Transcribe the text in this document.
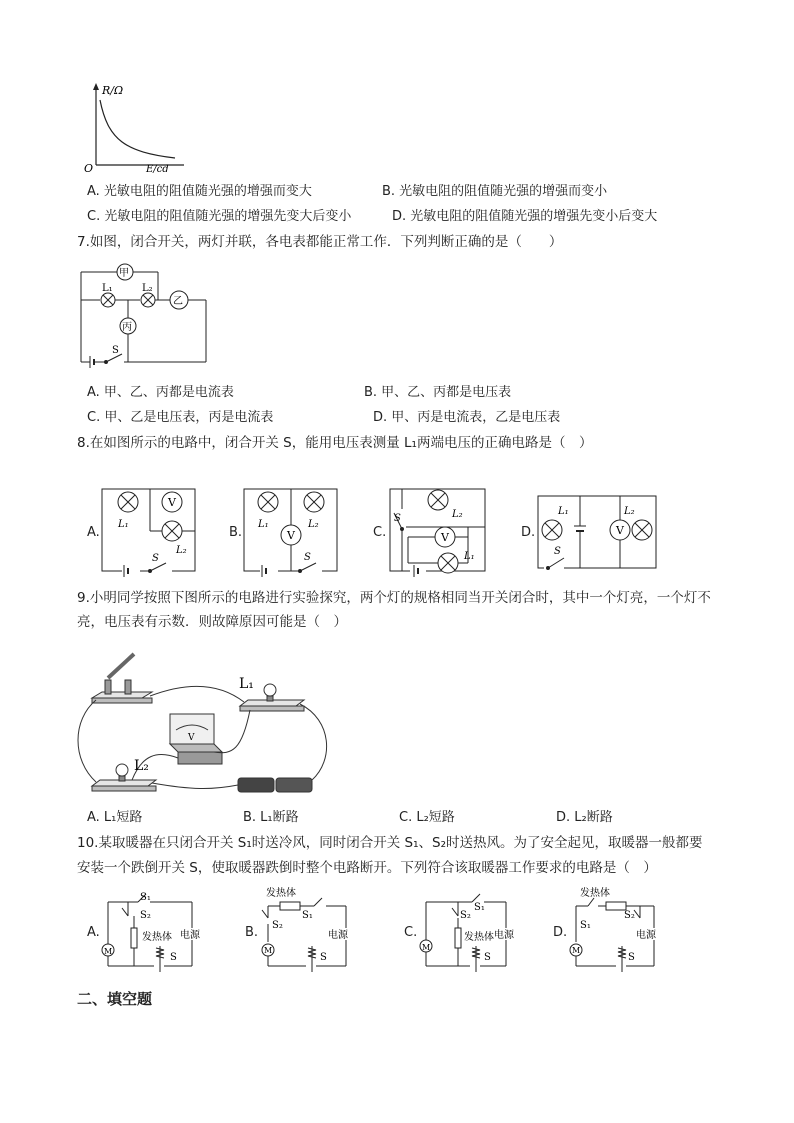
R/Ω
O	E/cd
A. 光敏电阻的阻值随光强的增强而变大	B. 光敏电阻的阻值随光强的增强而变小
C. 光敏电阻的阻值随光强的增强先变大后变小	D. 光敏电阻的阻值随光强的增强先变小后变大
7.如图，闭合开关，两灯并联，各电表都能正常工作．下列判断正确的是（　　）
甲
丙
乙
L₁	L₂
S
A. 甲、乙、丙都是电流表	B. 甲、乙、丙都是电压表
C. 甲、乙是电压表，丙是电流表	D. 甲、丙是电流表，乙是电压表
8.在如图所示的电路中，闭合开关 S，能用电压表测量 L₁两端电压的正确电路是（　）
A.
V
L₁
L₂
S
B.	V
L₁	L₂
S
C.	V
L₁
L₂
S
D.	V
L₁	L₂
S
9.小明同学按照下图所示的电路进行实验探究，两个灯的规格相同当开关闭合时，其中一个灯亮，一个灯不
亮，电压表有示数．则故障原因可能是（　）
L₁
L₂
V
A. L₁短路	B. L₁断路	C. L₂短路	D. L₂断路
10.某取暖器在只闭合开关 S₁时送冷风，同时闭合开关 S₁、S₂时送热风。为了安全起见，取暖器一般都要
安装一个跌倒开关 S，使取暖器跌倒时整个电路断开。下列符合该取暖器工作要求的电路是（　）
A.
S₁
S₂
M
S
发热体 电源	B.
发热体
S₁
S₂
M
S
电源	C.
S₁
S₂
M
S
发热体 电源	D.
发热体
S₁
S₂
M
S
电源
二、填空题
